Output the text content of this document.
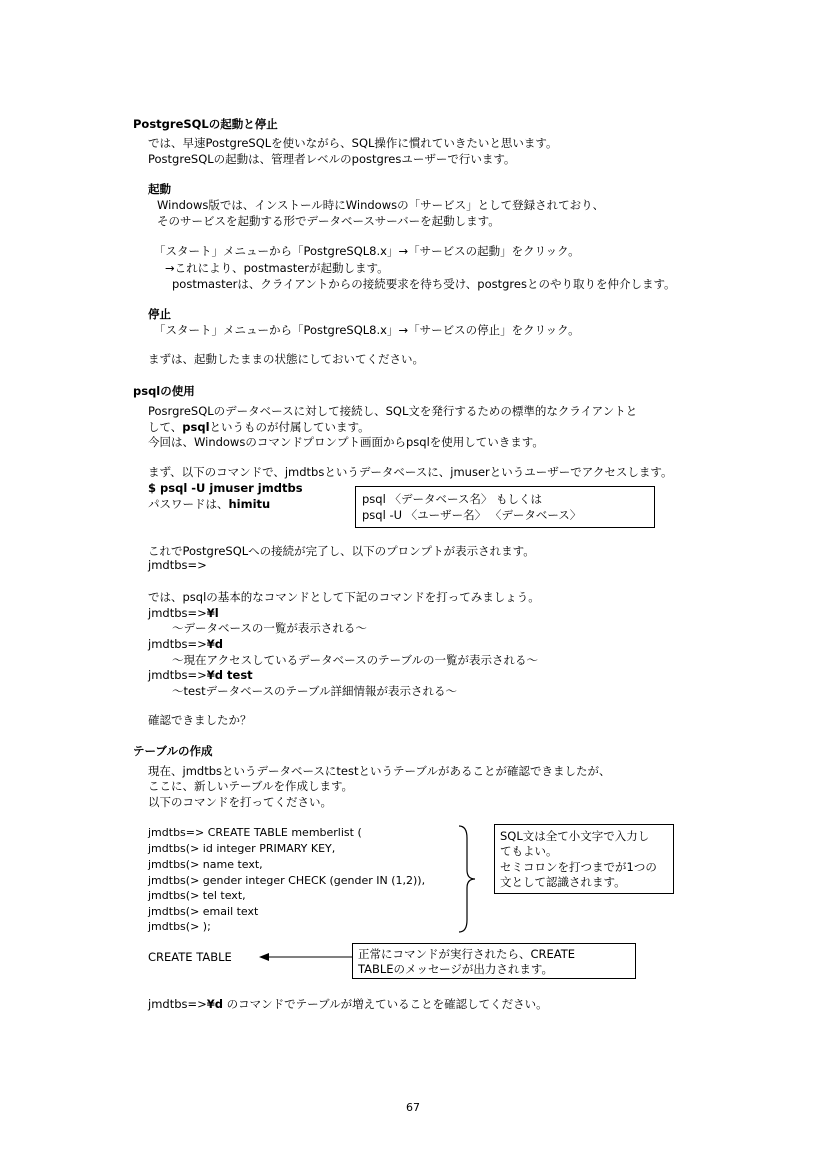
PostgreSQLの起動と停止
では、早速PostgreSQLを使いながら、SQL操作に慣れていきたいと思います。
PostgreSQLの起動は、管理者レベルのpostgresユーザーで行います。
起動
Windows版では、インストール時にWindowsの「サービス」として登録されており、
そのサービスを起動する形でデータベースサーバーを起動します。
「スタート」メニューから「PostgreSQL8.x」→「サービスの起動」をクリック。
→これにより、postmasterが起動します。
postmasterは、クライアントからの接続要求を待ち受け、postgresとのやり取りを仲介します。
停止
「スタート」メニューから「PostgreSQL8.x」→「サービスの停止」をクリック。
まずは、起動したままの状態にしておいてください。
psqlの使用
PosrgreSQLのデータベースに対して接続し、SQL文を発行するための標準的なクライアントと
して、psqlというものが付属しています。
今回は、Windowsのコマンドプロンプト画面からpsqlを使用していきます。
まず、以下のコマンドで、jmdtbsというデータベースに、jmuserというユーザーでアクセスします。
$ psql -U jmuser jmdtbs
パスワードは、himitu	psql 〈データベース名〉 もしくは
psql -U 〈ユーザー名〉 〈データベース〉
これでPostgreSQLへの接続が完了し、以下のプロンプトが表示されます。
jmdtbs=>
では、psqlの基本的なコマンドとして下記のコマンドを打ってみましょう。
jmdtbs=>¥l
～データベースの一覧が表示される～
jmdtbs=>¥d
～現在アクセスしているデータベースのテーブルの一覧が表示される～
jmdtbs=>¥d test
～testデータベースのテーブル詳細情報が表示される～
確認できましたか？
テーブルの作成
現在、jmdtbsというデータベースにtestというテーブルがあることが確認できましたが、
ここに、新しいテーブルを作成します。
以下のコマンドを打ってください。
jmdtbs=> CREATE TABLE memberlist (
jmdtbs(> id integer PRIMARY KEY,
jmdtbs(> name text,
jmdtbs(> gender integer CHECK (gender IN (1,2)),
jmdtbs(> tel text,
jmdtbs(> email text
jmdtbs(> );
SQL文は全て小文字で入力し
てもよい。
セミコロンを打つまでが1つの
文として認識されます。
CREATE TABLE	正常にコマンドが実行されたら、CREATE
TABLEのメッセージが出力されます。
jmdtbs=>¥d のコマンドでテーブルが増えていることを確認してください。
67
